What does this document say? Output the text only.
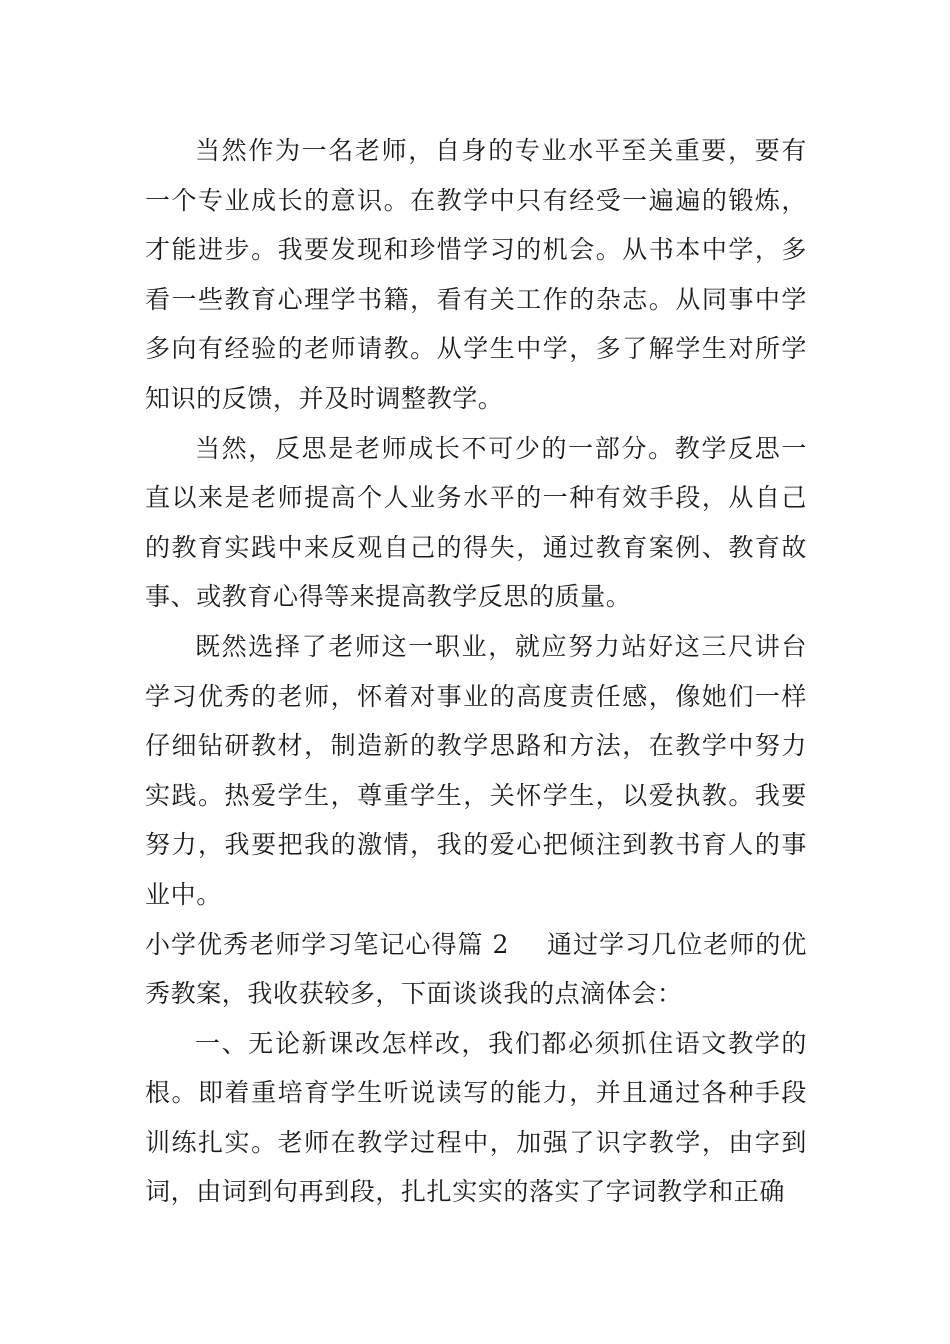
当然作为一名老师，自身的专业水平至关重要，要有一个专业成长的意识。在教学中只有经受一遍遍的锻炼，才能进步。我要发现和珍惜学习的机会。从书本中学，多看一些教育心理学书籍，看有关工作的杂志。从同事中学多向有经验的老师请教。从学生中学，多了解学生对所学知识的反馈，并及时调整教学。

当然，反思是老师成长不可少的一部分。教学反思一直以来是老师提高个人业务水平的一种有效手段，从自己的教育实践中来反观自己的得失，通过教育案例、教育故事、或教育心得等来提高教学反思的质量。

既然选择了老师这一职业，就应努力站好这三尺讲台学习优秀的老师，怀着对事业的高度责任感，像她们一样仔细钻研教材，制造新的教学思路和方法，在教学中努力实践。热爱学生，尊重学生，关怀学生，以爱执教。我要努力，我要把我的激情，我的爱心把倾注到教书育人的事业中。

小学优秀老师学习笔记心得篇 2 通过学习几位老师的优秀教案，我收获较多，下面谈谈我的点滴体会：

一、无论新课改怎样改，我们都必须抓住语文教学的根。即着重培育学生听说读写的能力，并且通过各种手段训练扎实。老师在教学过程中，加强了识字教学，由字到词，由词到句再到段，扎扎实实的落实了字词教学和正确
